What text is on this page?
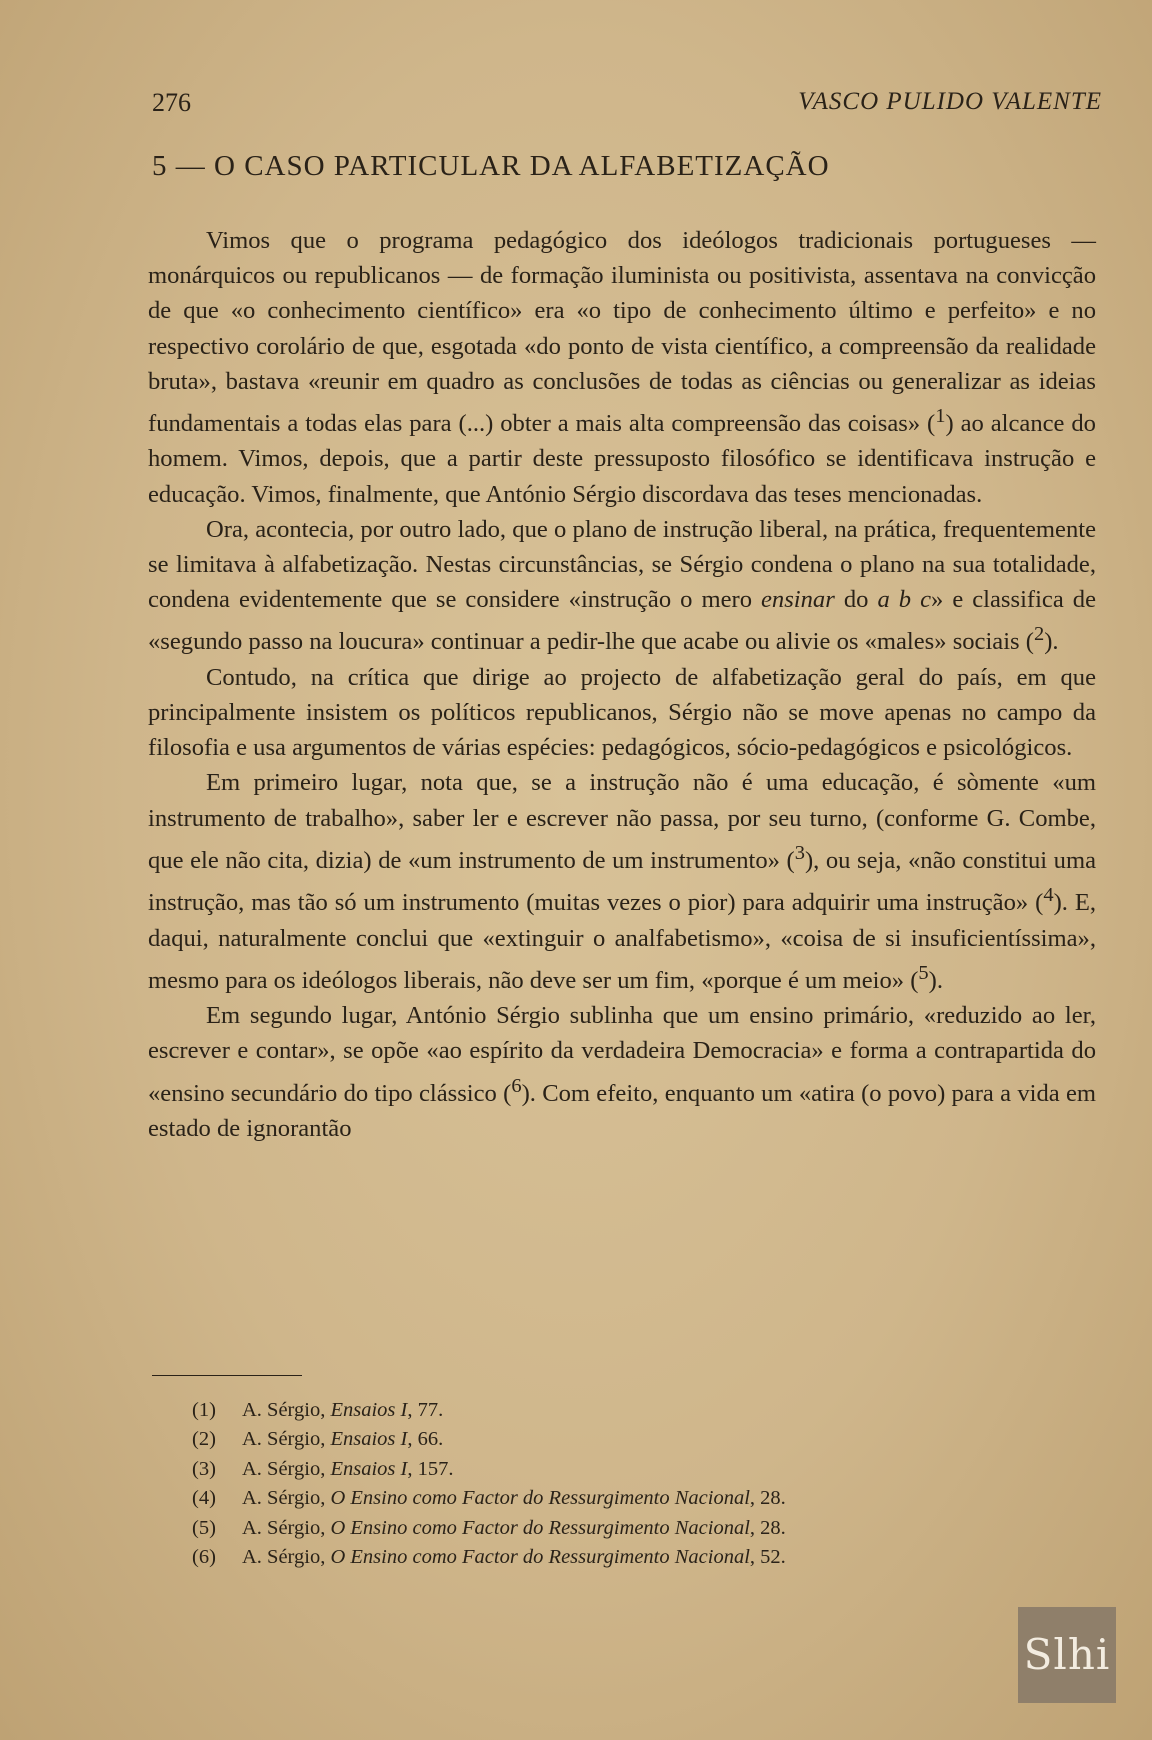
276	VASCO PULIDO VALENTE
5 — O CASO PARTICULAR DA ALFABETIZAÇÃO

Vimos que o programa pedagógico dos ideólogos tradicionais portugueses — monárquicos ou republicanos — de formação iluminista ou positivista, assentava na convicção de que «o conhecimento científico» era «o tipo de conhecimento último e perfeito» e no respectivo corolário de que, esgotada «do ponto de vista científico, a compreensão da realidade bruta», bastava «reunir em quadro as conclusões de todas as ciências ou generalizar as ideias fundamentais a todas elas para (...) obter a mais alta compreensão das coisas» ($^1$) ao alcance do homem. Vimos, depois, que a partir deste pressuposto filosófico se identificava instrução e educação. Vimos, finalmente, que António Sérgio discordava das teses mencionadas.

Ora, acontecia, por outro lado, que o plano de instrução liberal, na prática, frequentemente se limitava à alfabetização. Nestas circunstâncias, se Sérgio condena o plano na sua totalidade, condena evidentemente que se considere «instrução o mero ensinar do a b c» e classifica de «segundo passo na loucura» continuar a pedir-lhe que acabe ou alivie os «males» sociais ($^2$).

Contudo, na crítica que dirige ao projecto de alfabetização geral do país, em que principalmente insistem os políticos republicanos, Sérgio não se move apenas no campo da filosofia e usa argumentos de várias espécies: pedagógicos, sócio-pedagógicos e psicológicos.

Em primeiro lugar, nota que, se a instrução não é uma educação, é sòmente «um instrumento de trabalho», saber ler e escrever não passa, por seu turno, (conforme G. Combe, que ele não cita, dizia) de «um instrumento de um instrumento» ($^3$), ou seja, «não constitui uma instrução, mas tão só um instrumento (muitas vezes o pior) para adquirir uma instrução» ($^4$). E, daqui, naturalmente conclui que «extinguir o analfabetismo», «coisa de si insuficientíssima», mesmo para os ideólogos liberais, não deve ser um fim, «porque é um meio» ($^5$).

Em segundo lugar, António Sérgio sublinha que um ensino primário, «reduzido ao ler, escrever e contar», se opõe «ao espírito da verdadeira Democracia» e forma a contrapartida do «ensino secundário do tipo clássico ($^6$). Com efeito, enquanto um «atira (o povo) para a vida em estado de ignorantão

(1) A. Sérgio, Ensaios I, 77.
(2) A. Sérgio, Ensaios I, 66.
(3) A. Sérgio, Ensaios I, 157.
(4) A. Sérgio, O Ensino como Factor do Ressurgimento Nacional, 28.
(5) A. Sérgio, O Ensino como Factor do Ressurgimento Nacional, 28.
(6) A. Sérgio, O Ensino como Factor do Ressurgimento Nacional, 52.
Slhi
